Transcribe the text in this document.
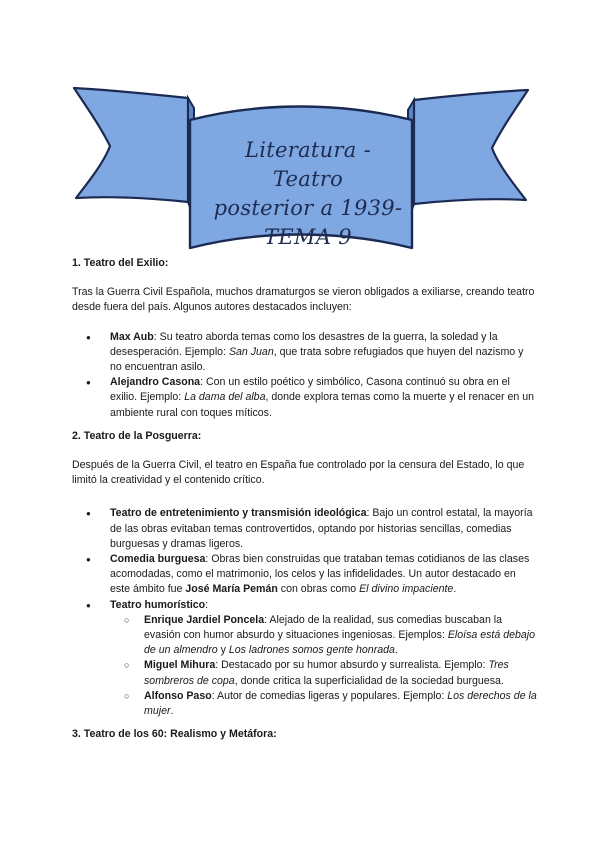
Literatura - Teatro
posterior a 1939-
TEMA 9
1. Teatro del Exilio:
Tras la Guerra Civil Española, muchos dramaturgos se vieron obligados a exiliarse, creando teatro desde fuera del país. Algunos autores destacados incluyen:
● Max Aub: Su teatro aborda temas como los desastres de la guerra, la soledad y la desesperación. Ejemplo: San Juan, que trata sobre refugiados que huyen del nazismo y no encuentran asilo.
● Alejandro Casona: Con un estilo poético y simbólico, Casona continuó su obra en el exilio. Ejemplo: La dama del alba, donde explora temas como la muerte y el renacer en un ambiente rural con toques míticos.
2. Teatro de la Posguerra:
Después de la Guerra Civil, el teatro en España fue controlado por la censura del Estado, lo que limitó la creatividad y el contenido crítico.
● Teatro de entretenimiento y transmisión ideológica: Bajo un control estatal, la mayoría de las obras evitaban temas controvertidos, optando por historias sencillas, comedias burguesas y dramas ligeros.
● Comedia burguesa: Obras bien construidas que trataban temas cotidianos de las clases acomodadas, como el matrimonio, los celos y las infidelidades. Un autor destacado en este ámbito fue José María Pemán con obras como El divino impaciente.
● Teatro humorístico:
○ Enrique Jardiel Poncela: Alejado de la realidad, sus comedias buscaban la evasión con humor absurdo y situaciones ingeniosas. Ejemplos: Eloísa está debajo de un almendro y Los ladrones somos gente honrada.
○ Miguel Mihura: Destacado por su humor absurdo y surrealista. Ejemplo: Tres sombreros de copa, donde critica la superficialidad de la sociedad burguesa.
○ Alfonso Paso: Autor de comedias ligeras y populares. Ejemplo: Los derechos de la mujer.
3. Teatro de los 60: Realismo y Metáfora:
